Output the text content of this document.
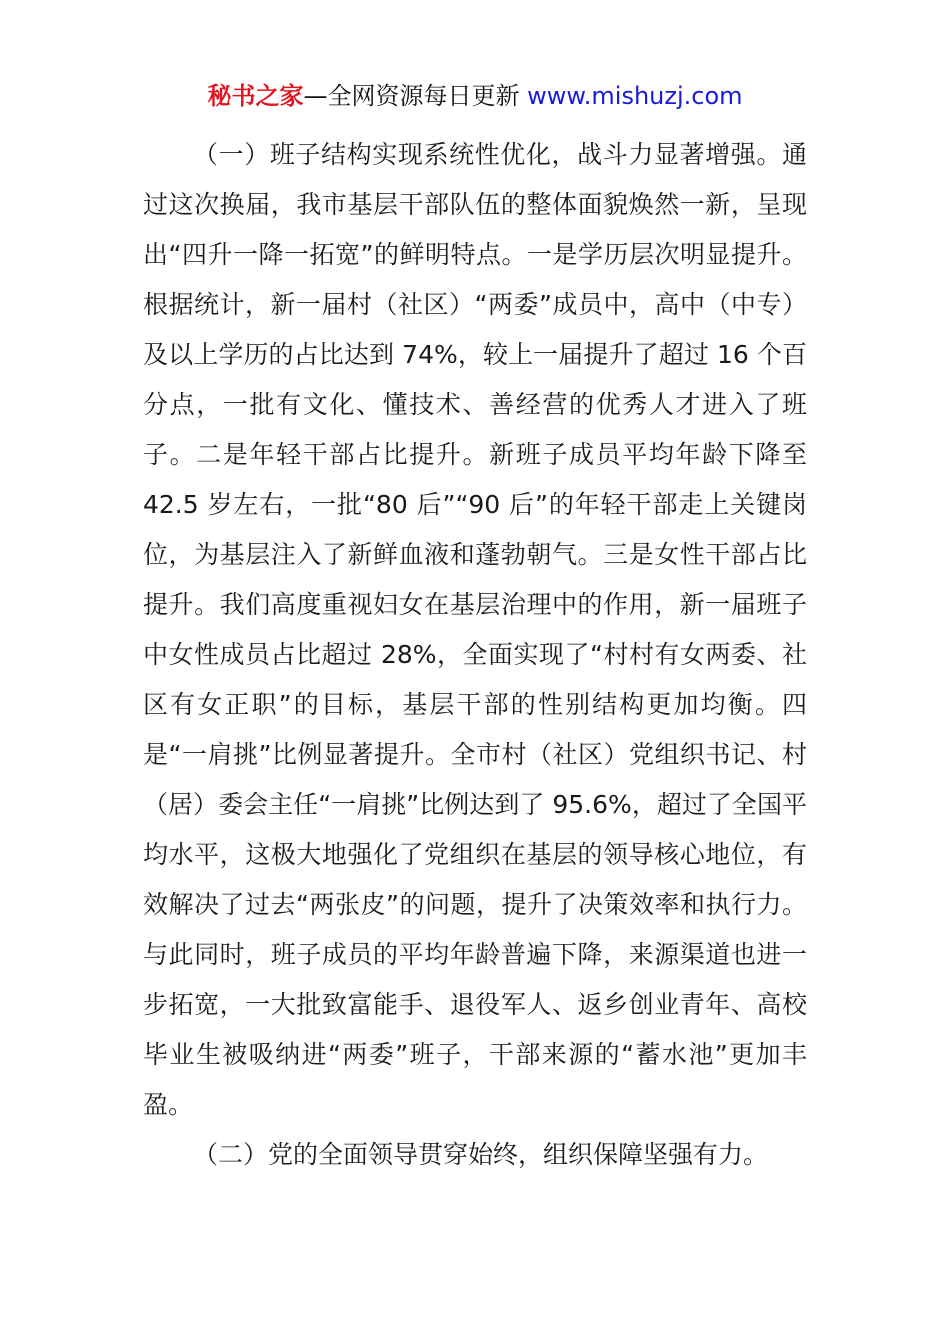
秘书之家—全网资源每日更新 www.mishuzj.com

（一）班子结构实现系统性优化，战斗力显著增强。通过这次换届，我市基层干部队伍的整体面貌焕然一新，呈现出“四升一降一拓宽”的鲜明特点。一是学历层次明显提升。根据统计，新一届村（社区）“两委”成员中，高中（中专）及以上学历的占比达到 74%，较上一届提升了超过 16 个百分点，一批有文化、懂技术、善经营的优秀人才进入了班子。二是年轻干部占比提升。新班子成员平均年龄下降至 42.5 岁左右，一批“80 后”“90 后”的年轻干部走上关键岗位，为基层注入了新鲜血液和蓬勃朝气。三是女性干部占比提升。我们高度重视妇女在基层治理中的作用，新一届班子中女性成员占比超过 28%，全面实现了“村村有女两委、社区有女正职”的目标，基层干部的性别结构更加均衡。四是“一肩挑”比例显著提升。全市村（社区）党组织书记、村（居）委会主任“一肩挑”比例达到了 95.6%，超过了全国平均水平，这极大地强化了党组织在基层的领导核心地位，有效解决了过去“两张皮”的问题，提升了决策效率和执行力。与此同时，班子成员的平均年龄普遍下降，来源渠道也进一步拓宽，一大批致富能手、退役军人、返乡创业青年、高校毕业生被吸纳进“两委”班子，干部来源的“蓄水池”更加丰盈。

（二）党的全面领导贯穿始终，组织保障坚强有力。
